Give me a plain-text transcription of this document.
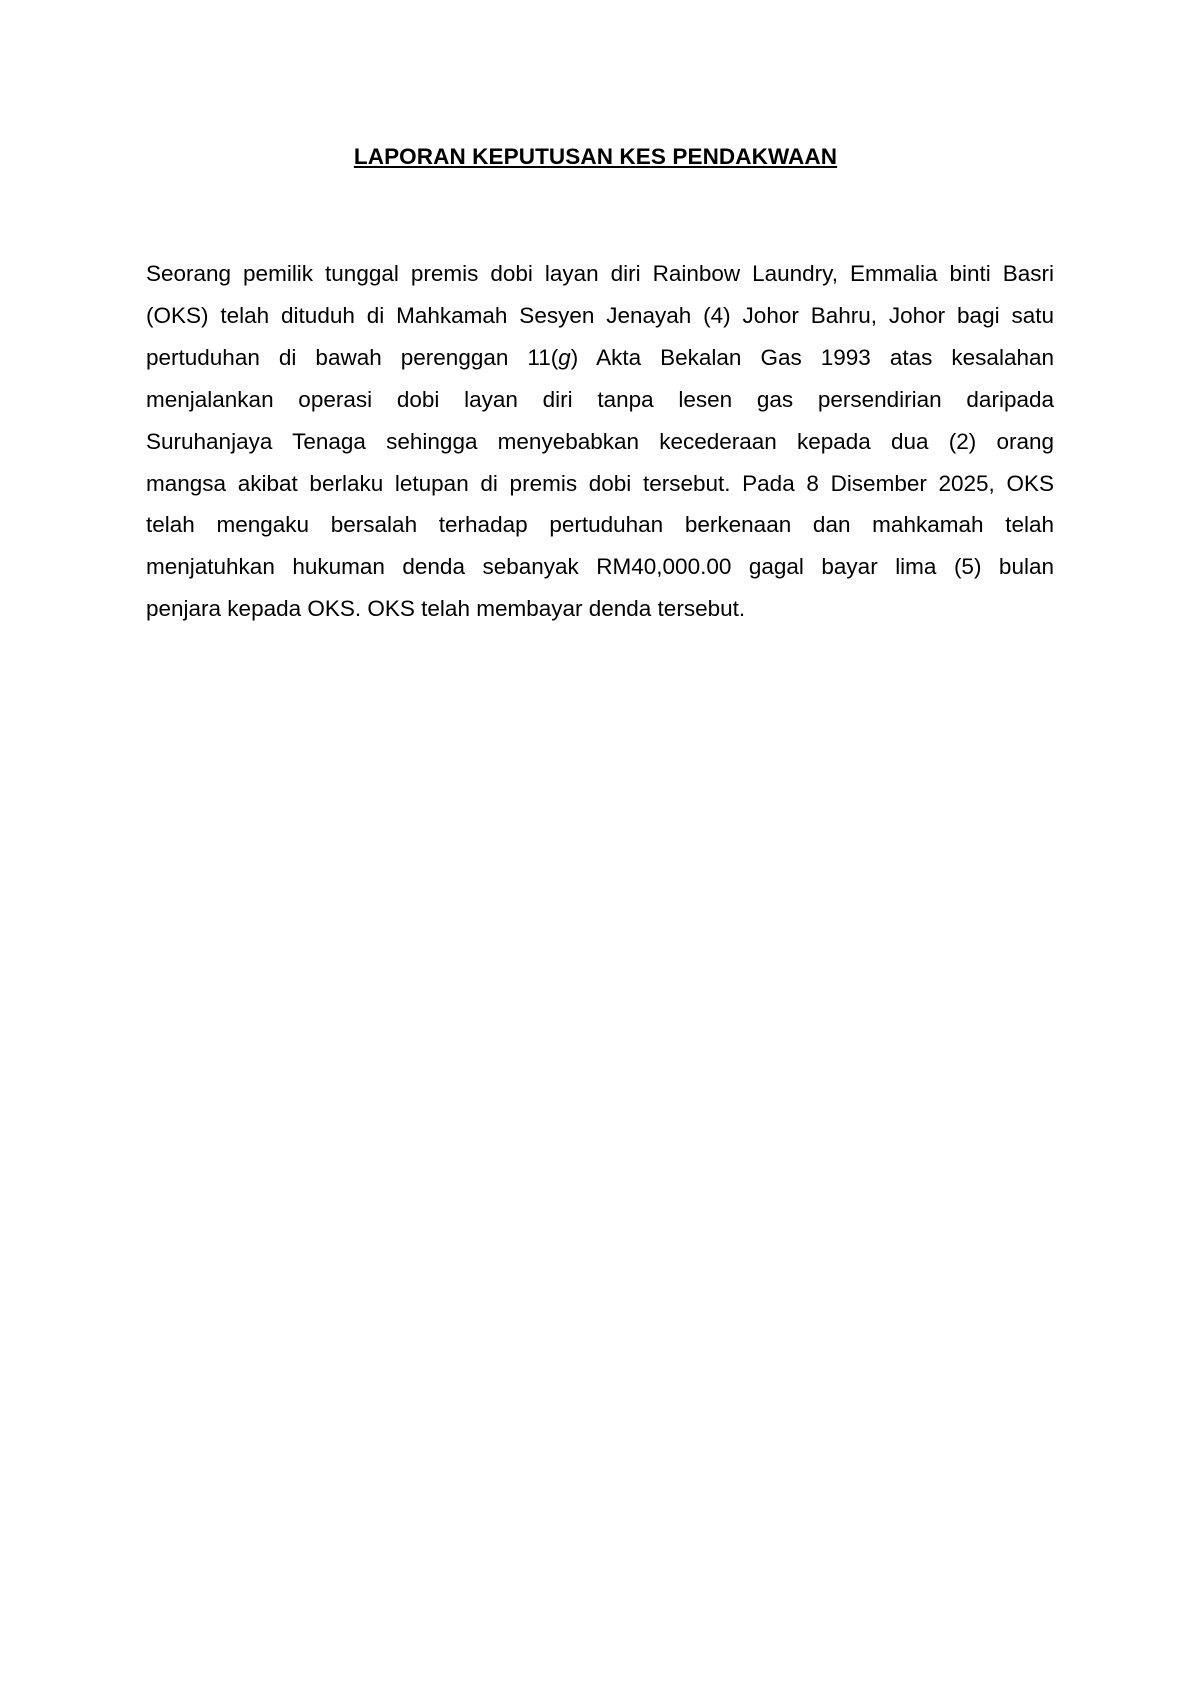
LAPORAN KEPUTUSAN KES PENDAKWAAN
Seorang pemilik tunggal premis dobi layan diri Rainbow Laundry, Emmalia binti Basri
(OKS) telah dituduh di Mahkamah Sesyen Jenayah (4) Johor Bahru, Johor bagi satu
pertuduhan di bawah perenggan 11(g) Akta Bekalan Gas 1993 atas kesalahan
menjalankan operasi dobi layan diri tanpa lesen gas persendirian daripada
Suruhanjaya Tenaga sehingga menyebabkan kecederaan kepada dua (2) orang
mangsa akibat berlaku letupan di premis dobi tersebut. Pada 8 Disember 2025, OKS
telah mengaku bersalah terhadap pertuduhan berkenaan dan mahkamah telah
menjatuhkan hukuman denda sebanyak RM40,000.00 gagal bayar lima (5) bulan
penjara kepada OKS. OKS telah membayar denda tersebut.
